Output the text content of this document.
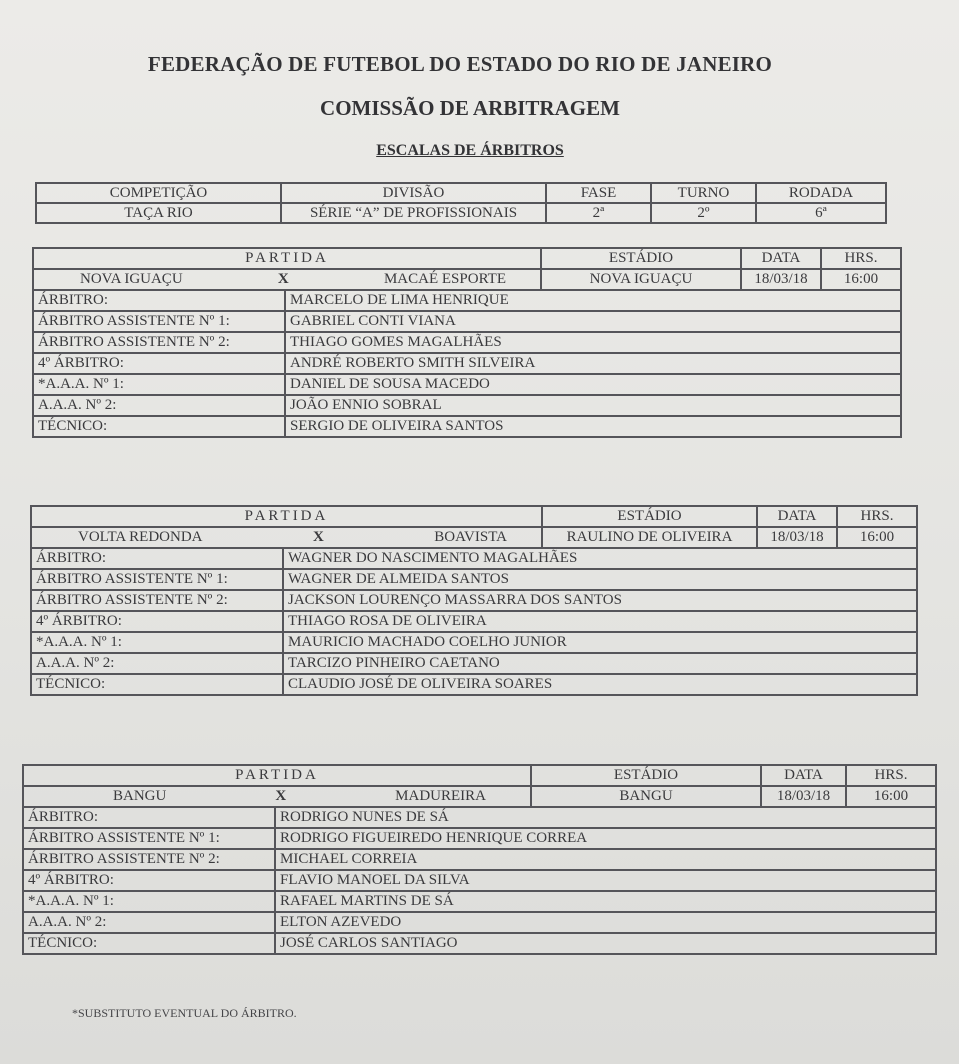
FEDERAÇÃO DE FUTEBOL DO ESTADO DO RIO DE JANEIRO
COMISSÃO DE ARBITRAGEM
ESCALAS DE ÁRBITROS
COMPETIÇÃO	DIVISÃO	FASE	TURNO	RODADA
TAÇA RIO	SÉRIE “A” DE PROFISSIONAIS	2ª	2º	6ª
PARTIDA		ESTÁDIO	DATA	HRS.

NOVA IGUAÇU X MACAÉ ESPORTE		NOVA IGUAÇU	18/03/18	16:00
ÁRBITRO:	MARCELO DE LIMA HENRIQUE			
ÁRBITRO ASSISTENTE Nº 1:	GABRIEL CONTI VIANA			
ÁRBITRO ASSISTENTE Nº 2:	THIAGO GOMES MAGALHÃES			
4º ÁRBITRO:	ANDRÉ ROBERTO SMITH SILVEIRA			
*A.A.A. Nº 1:	DANIEL DE SOUSA MACEDO			
A.A.A. Nº 2:	JOÃO ENNIO SOBRAL			
TÉCNICO:	SERGIO DE OLIVEIRA SANTOS			
PARTIDA		ESTÁDIO	DATA	HRS.

VOLTA REDONDA X BOAVISTA		RAULINO DE OLIVEIRA	18/03/18	16:00
ÁRBITRO:	WAGNER DO NASCIMENTO MAGALHÃES			
ÁRBITRO ASSISTENTE Nº 1:	WAGNER DE ALMEIDA SANTOS			
ÁRBITRO ASSISTENTE Nº 2:	JACKSON LOURENÇO MASSARRA DOS SANTOS			
4º ÁRBITRO:	THIAGO ROSA DE OLIVEIRA			
*A.A.A. Nº 1:	MAURICIO MACHADO COELHO JUNIOR			
A.A.A. Nº 2:	TARCIZO PINHEIRO CAETANO			
TÉCNICO:	CLAUDIO JOSÉ DE OLIVEIRA SOARES			
PARTIDA		ESTÁDIO	DATA	HRS.

BANGU X MADUREIRA		BANGU	18/03/18	16:00
ÁRBITRO:	RODRIGO NUNES DE SÁ			
ÁRBITRO ASSISTENTE Nº 1:	RODRIGO FIGUEIREDO HENRIQUE CORREA			
ÁRBITRO ASSISTENTE Nº 2:	MICHAEL CORREIA			
4º ÁRBITRO:	FLAVIO MANOEL DA SILVA			
*A.A.A. Nº 1:	RAFAEL MARTINS DE SÁ			
A.A.A. Nº 2:	ELTON AZEVEDO			
TÉCNICO:	JOSÉ CARLOS SANTIAGO			
*SUBSTITUTO EVENTUAL DO ÁRBITRO.
